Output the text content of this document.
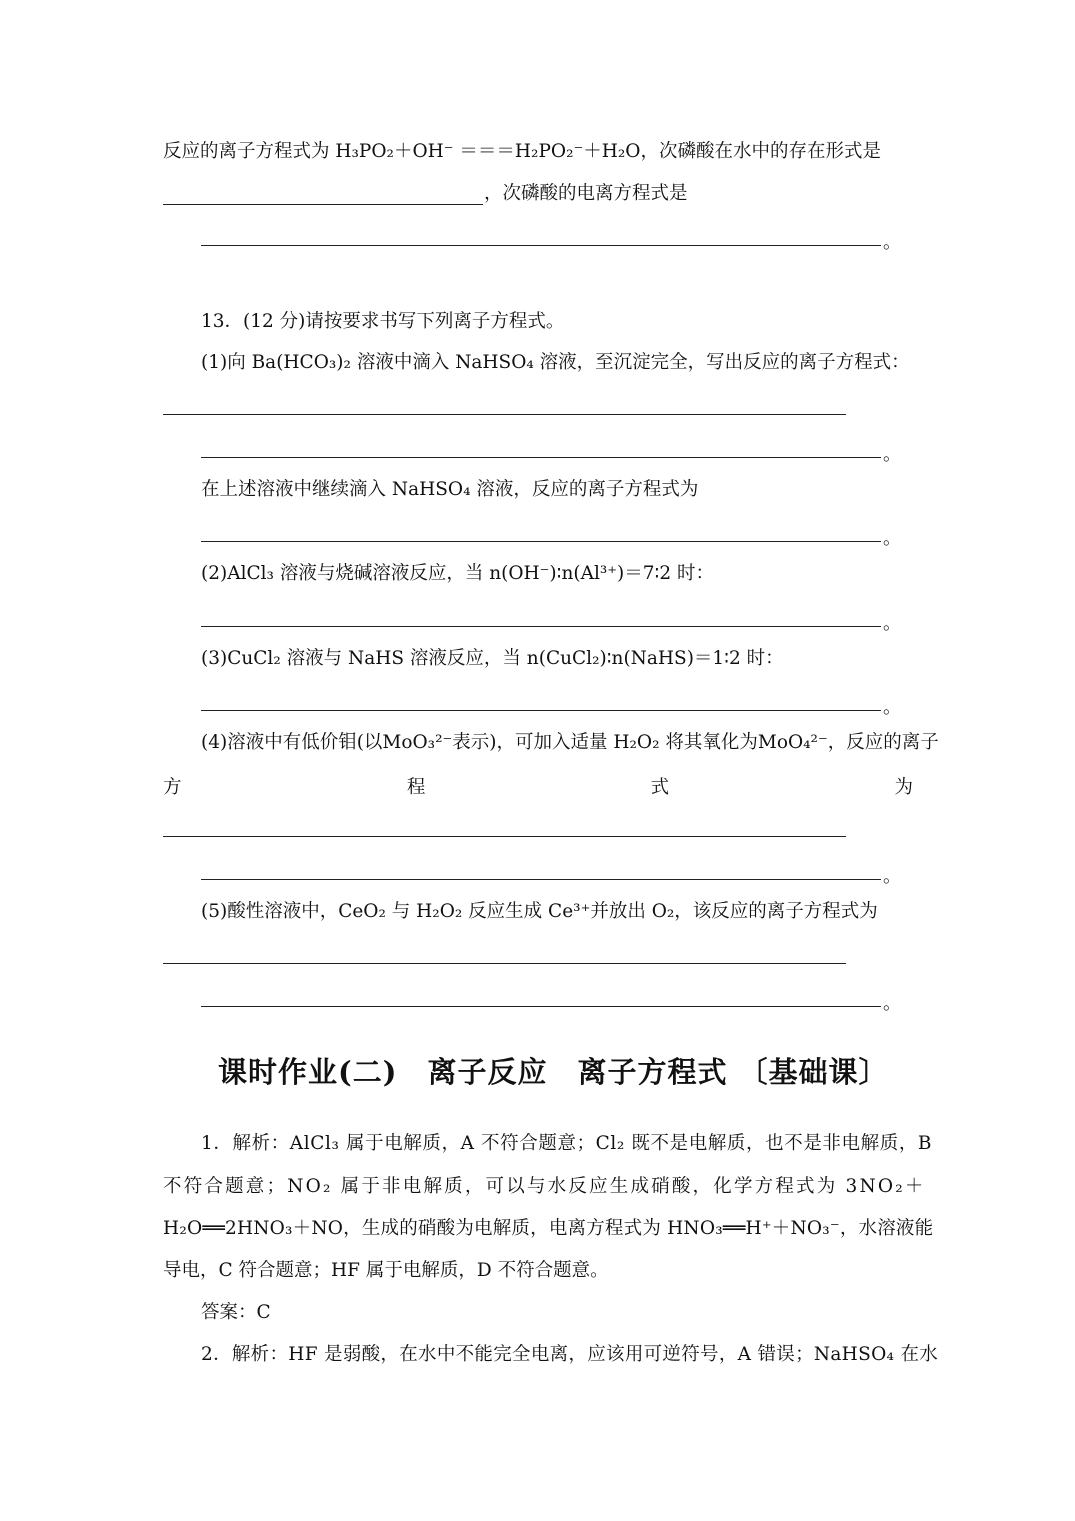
反应的离子方程式为 H₃PO₂＋OH⁻ ＝＝＝H₂PO₂⁻＋H₂O，次磷酸在水中的存在形式是
，次磷酸的电离方程式是
。
13．(12 分)请按要求书写下列离子方程式。
(1)向 Ba(HCO₃)₂ 溶液中滴入 NaHSO₄ 溶液，至沉淀完全，写出反应的离子方程式：
。
在上述溶液中继续滴入 NaHSO₄ 溶液，反应的离子方程式为
。
(2)AlCl₃ 溶液与烧碱溶液反应，当 n(OH⁻)∶n(Al³⁺)＝7∶2 时：
。
(3)CuCl₂ 溶液与 NaHS 溶液反应，当 n(CuCl₂)∶n(NaHS)＝1∶2 时：
。
(4)溶液中有低价钼(以MoO₃²⁻表示)，可加入适量 H₂O₂ 将其氧化为MoO₄²⁻，反应的离子
方	程	式	为
。
(5)酸性溶液中，CeO₂ 与 H₂O₂ 反应生成 Ce³⁺并放出 O₂，该反应的离子方程式为
。
课时作业(二)　离子反应　离子方程式 〔基础课〕
1．解析：AlCl₃ 属于电解质，A 不符合题意；Cl₂ 既不是电解质，也不是非电解质，B
不符合题意；NO₂ 属于非电解质，可以与水反应生成硝酸，化学方程式为 3NO₂＋
H₂O══2HNO₃＋NO，生成的硝酸为电解质，电离方程式为 HNO₃══H⁺＋NO₃⁻，水溶液能
导电，C 符合题意；HF 属于电解质，D 不符合题意。
答案：C
2．解析：HF 是弱酸，在水中不能完全电离，应该用可逆符号，A 错误；NaHSO₄ 在水
